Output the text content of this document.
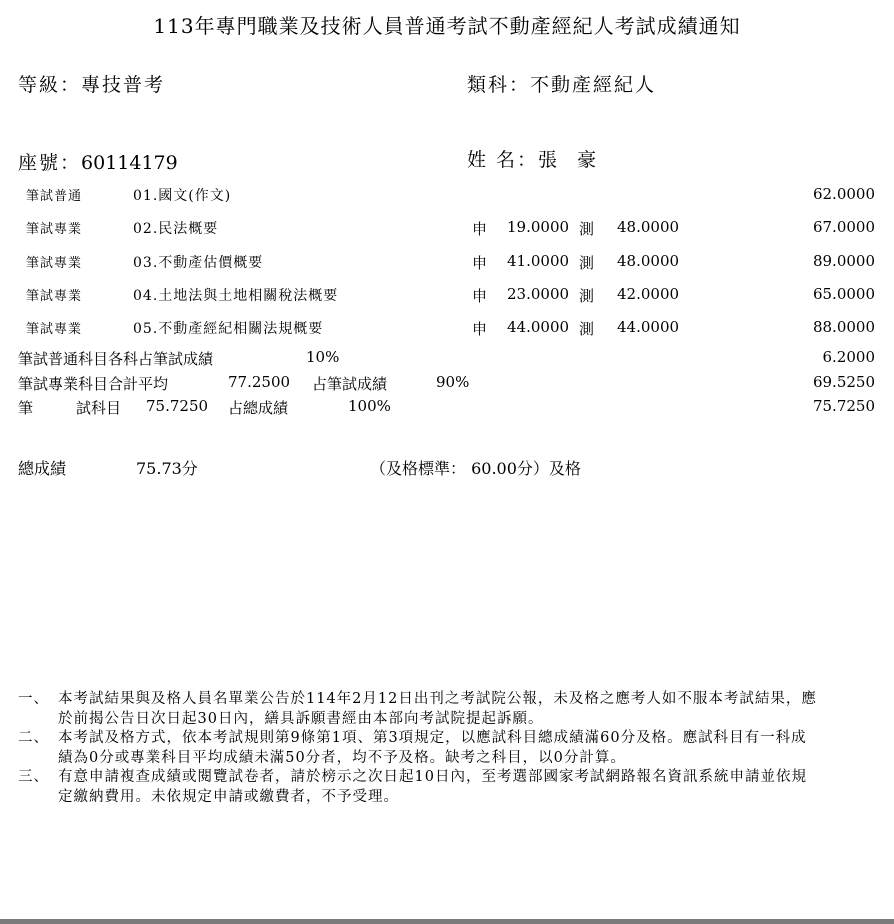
113年專門職業及技術人員普通考試不動產經紀人考試成績通知
等級：專技普考	類科：不動產經紀人
座號：60114179	姓 名：張 豪
筆試普通	01.國文(作文)	62.0000
筆試專業	02.民法概要	申 19.0000 測 48.0000	67.0000
筆試專業	03.不動產估價概要	申 41.0000 測 48.0000	89.0000
筆試專業	04.土地法與土地相關稅法概要	申 23.0000 測 42.0000	65.0000
筆試專業	05.不動產經紀相關法規概要	申 44.0000 測 44.0000	88.0000
筆試普通科目各科占筆試成績	10%	6.2000
筆試專業科目合計平均	77.2500 占筆試成績	90%	69.5250
筆	試科目 75.7250 占總成績	100%	75.7250
總成績	75.73分	（及格標準： 60.00分）及格
一、 本考試結果與及格人員名單業公告於114年2月12日出刊之考試院公報，未及格之應考人如不服本考試結果，應於前揭公告日次日起30日內，繕具訴願書經由本部向考試院提起訴願。
二、 本考試及格方式，依本考試規則第9條第1項、第3項規定，以應試科目總成績滿60分及格。應試科目有一科成績為0分或專業科目平均成績未滿50分者，均不予及格。缺考之科目，以0分計算。
三、 有意申請複查成績或閱覽試卷者，請於榜示之次日起10日內，至考選部國家考試網路報名資訊系統申請並依規定繳納費用。未依規定申請或繳費者，不予受理。
